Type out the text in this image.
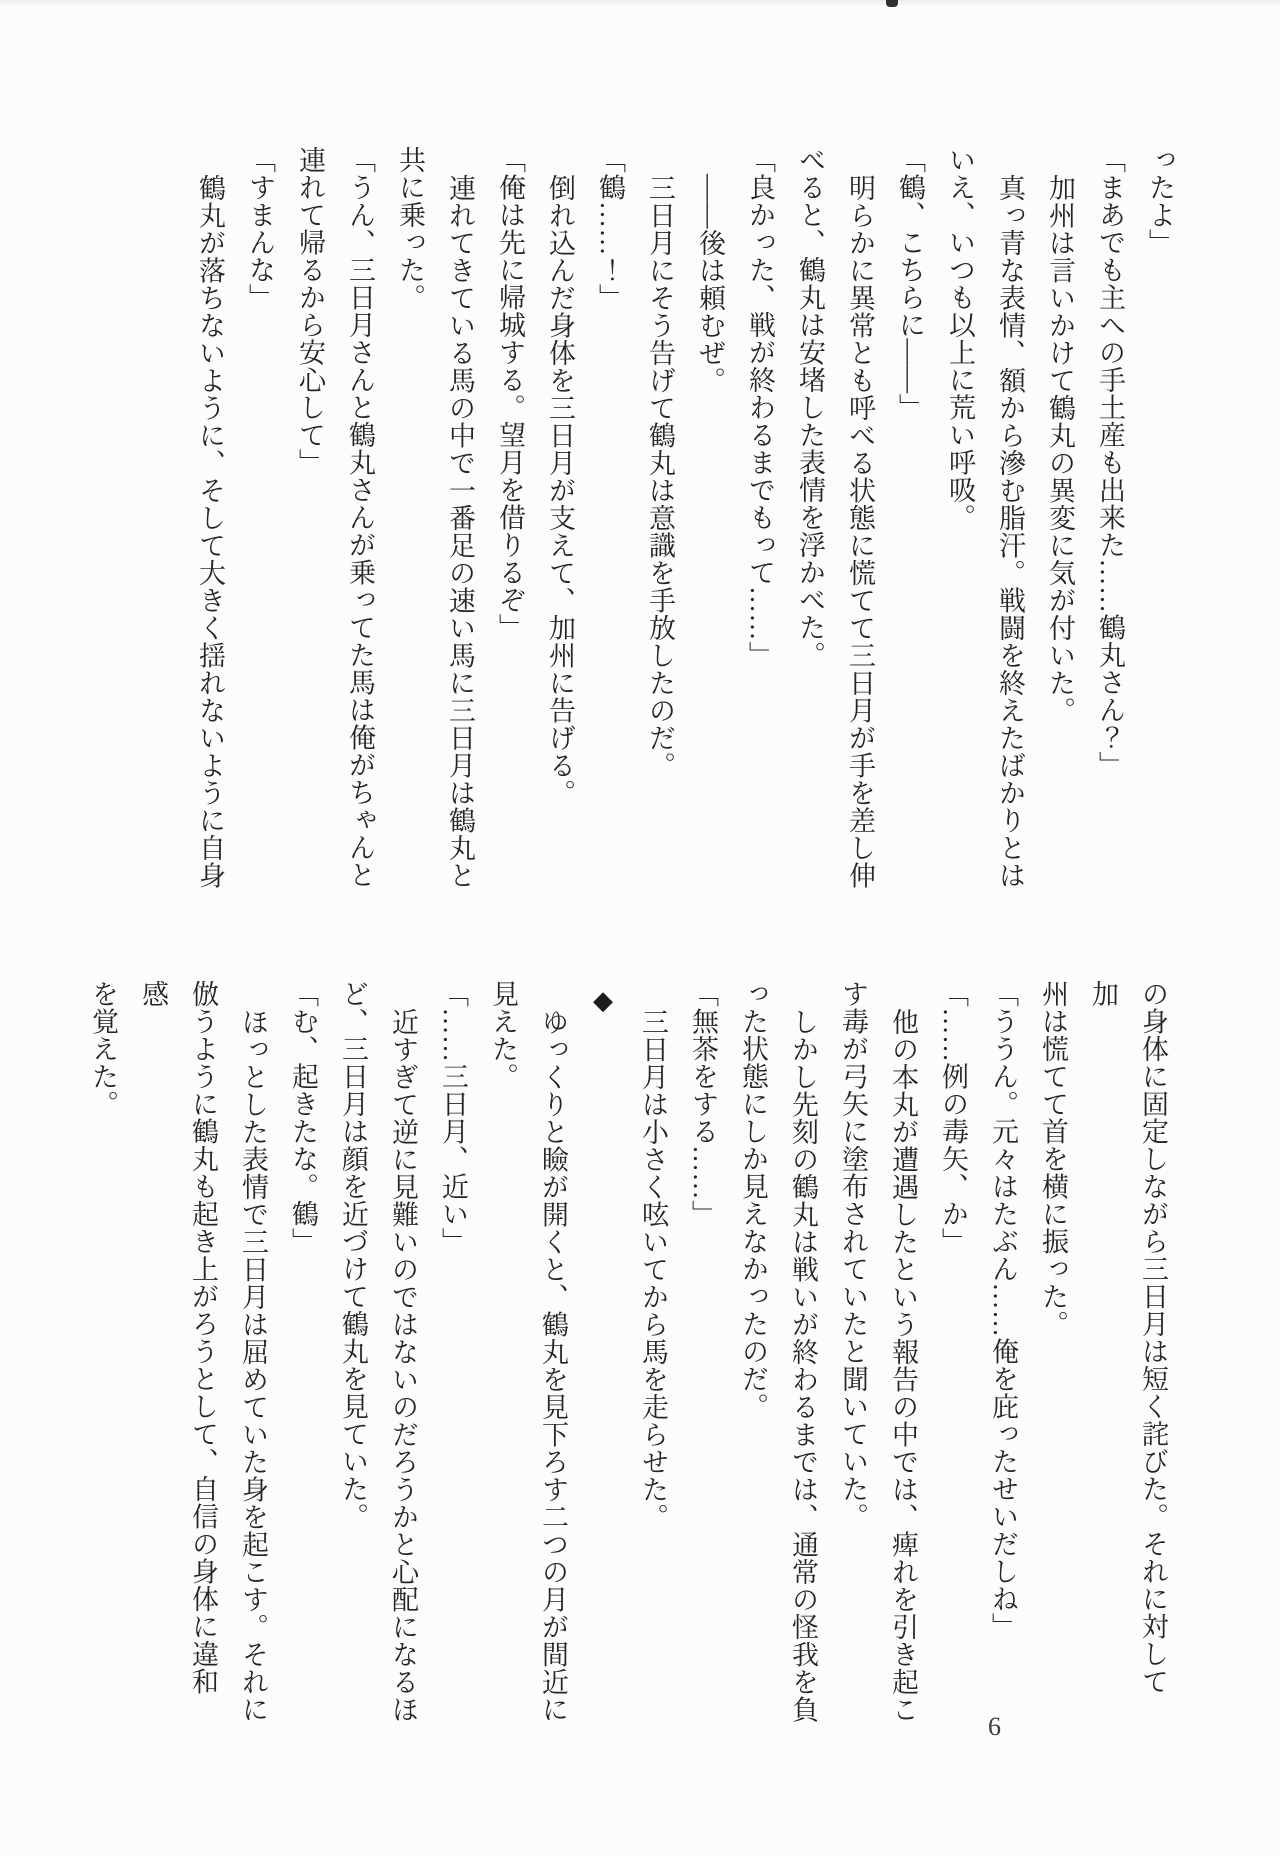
ったよ」
「まあでも主への手土産も出来た……鶴丸さん？」
加州は言いかけて鶴丸の異変に気が付いた。
真っ青な表情、額から滲む脂汗。戦闘を終えたばかりとは
いえ、いつも以上に荒い呼吸。
「鶴、こちらに——」
明らかに異常とも呼べる状態に慌てて三日月が手を差し伸
べると、鶴丸は安堵した表情を浮かべた。
「良かった、戦が終わるまでもって……」
——後は頼むぜ。
三日月にそう告げて鶴丸は意識を手放したのだ。
「鶴……！」
倒れ込んだ身体を三日月が支えて、加州に告げる。
「俺は先に帰城する。望月を借りるぞ」
連れてきている馬の中で一番足の速い馬に三日月は鶴丸と
共に乗った。
「うん、三日月さんと鶴丸さんが乗ってた馬は俺がちゃんと
連れて帰るから安心して」
「すまんな」
鶴丸が落ちないように、そして大きく揺れないように自身
の身体に固定しながら三日月は短く詫びた。それに対して加
州は慌てて首を横に振った。
「ううん。元々はたぶん……俺を庇ったせいだしね」
「……例の毒矢、か」
他の本丸が遭遇したという報告の中では、痺れを引き起こ
す毒が弓矢に塗布されていたと聞いていた。
しかし先刻の鶴丸は戦いが終わるまでは、通常の怪我を負
った状態にしか見えなかったのだ。
「無茶をする……」
三日月は小さく呟いてから馬を走らせた。
◆
ゆっくりと瞼が開くと、鶴丸を見下ろす二つの月が間近に
見えた。
「……三日月、近い」
近すぎて逆に見難いのではないのだろうかと心配になるほ
ど、三日月は顔を近づけて鶴丸を見ていた。
「む、起きたな。鶴」
ほっとした表情で三日月は屈めていた身を起こす。それに
倣うように鶴丸も起き上がろうとして、自信の身体に違和感
を覚えた。
6
